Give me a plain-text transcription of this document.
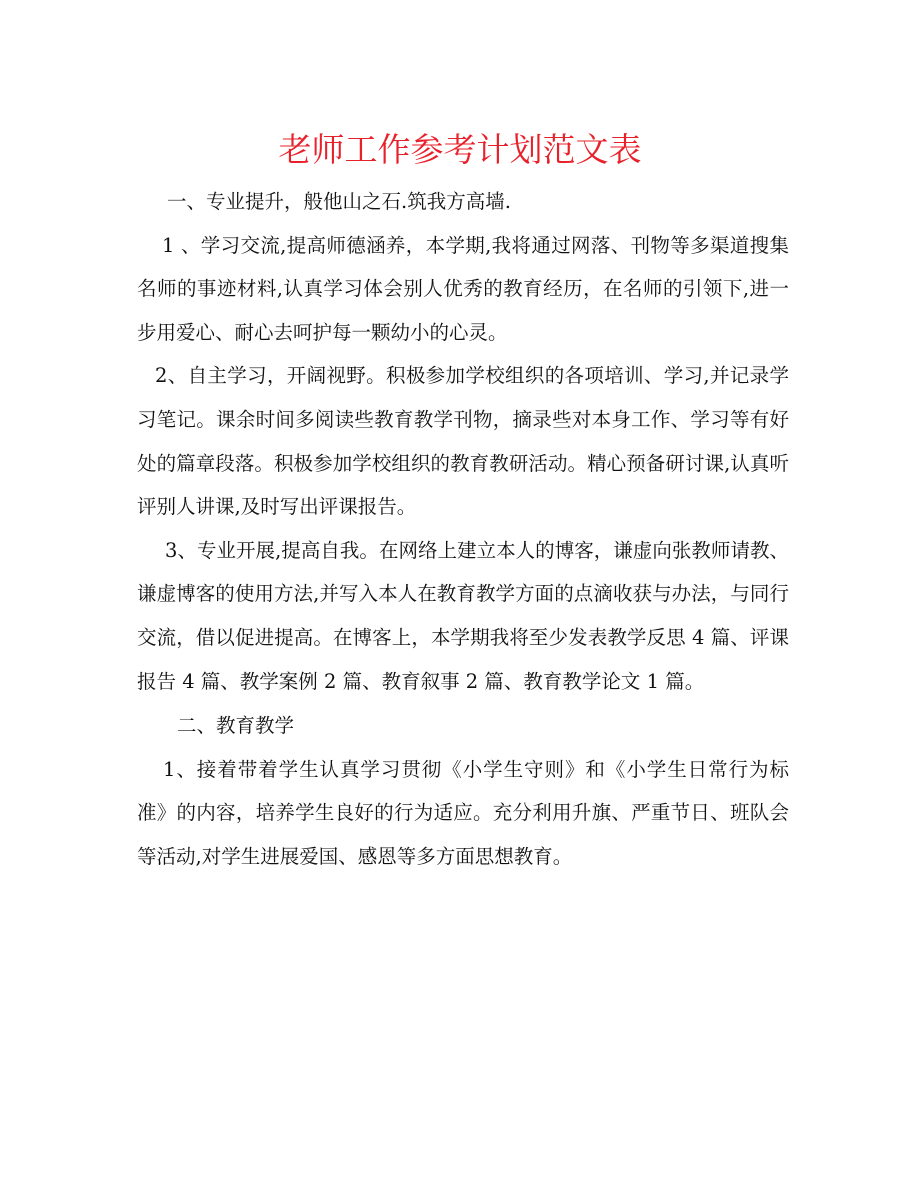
老师工作参考计划范文表

一、专业提升，般他山之石.筑我方高墙.

1 、学习交流,提高师德涵养，本学期,我将通过网落、刊物等多渠道搜集名师的事迹材料,认真学习体会别人优秀的教育经历，在名师的引领下,进一步用爱心、耐心去呵护每一颗幼小的心灵。

2、自主学习，开阔视野。积极参加学校组织的各项培训、学习,并记录学习笔记。课余时间多阅读些教育教学刊物，摘录些对本身工作、学习等有好处的篇章段落。积极参加学校组织的教育教研活动。精心预备研讨课,认真听评别人讲课,及时写出评课报告。

3、专业开展,提高自我。在网络上建立本人的博客，谦虚向张教师请教、谦虚博客的使用方法,并写入本人在教育教学方面的点滴收获与办法，与同行交流，借以促进提高。在博客上，本学期我将至少发表教学反思 4 篇、评课报告 4 篇、教学案例 2 篇、教育叙事 2 篇、教育教学论文 1 篇。

二、教育教学

1、接着带着学生认真学习贯彻《小学生守则》和《小学生日常行为标准》的内容，培养学生良好的行为适应。充分利用升旗、严重节日、班队会等活动,对学生进展爱国、感恩等多方面思想教育。
